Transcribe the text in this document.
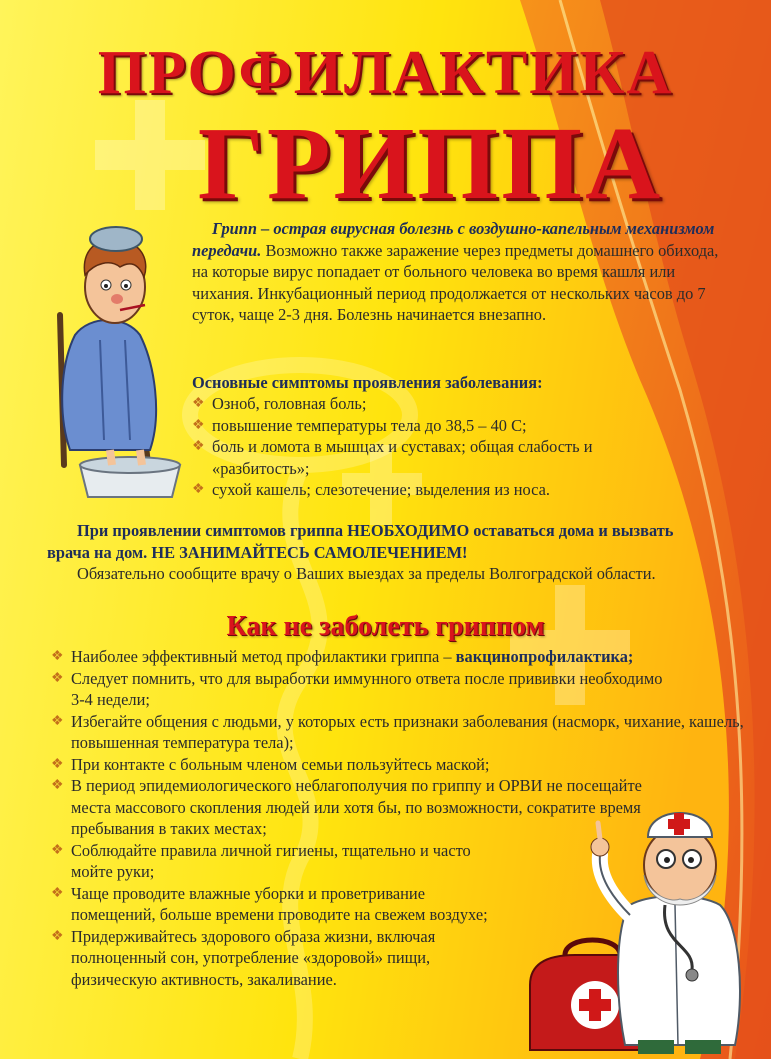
ПРОФИЛАКТИКА
ГРИППА

Грипп – острая вирусная болезнь с воздушно-капельным механизмом передачи. Возможно также заражение через предметы домашнего обихода, на которые вирус попадает от больного человека во время кашля или чихания. Инкубационный период продолжается от нескольких часов до 7 суток, чаще 2-3 дня. Болезнь начинается внезапно.

Основные симптомы проявления заболевания:

❖ Озноб, головная боль;
❖ повышение температуры тела до 38,5 – 40 С;
❖ боль и ломота в мышцах и суставах; общая слабость и «разбитость»;
❖ сухой кашель; слезотечение; выделения из носа.

При проявлении симптомов гриппа НЕОБХОДИМО оставаться дома и вызвать врача на дом. НЕ ЗАНИМАЙТЕСЬ САМОЛЕЧЕНИЕМ!

Обязательно сообщите врачу о Ваших выездах за пределы Волгоградской области.

Как не заболеть гриппом

❖ Наиболее эффективный метод профилактики гриппа – вакцинопрофилактика;
❖ Следует помнить, что для выработки иммунного ответа после прививки необходимо 3-4 недели;
❖ Избегайте общения с людьми, у которых есть признаки заболевания (насморк, чихание, кашель, повышенная температура тела);
❖ При контакте с больным членом семьи пользуйтесь маской;
❖ В период эпидемиологического неблагополучия по гриппу и ОРВИ не посещайте места массового скопления людей или хотя бы, по возможности, сократите время пребывания в таких местах;
❖ Соблюдайте правила личной гигиены, тщательно и часто мойте руки;
❖ Чаще проводите влажные уборки и проветривание помещений, больше времени проводите на свежем воздухе;
❖ Придерживайтесь здорового образа жизни, включая полноценный сон, употребление «здоровой» пищи, физическую активность, закаливание.
